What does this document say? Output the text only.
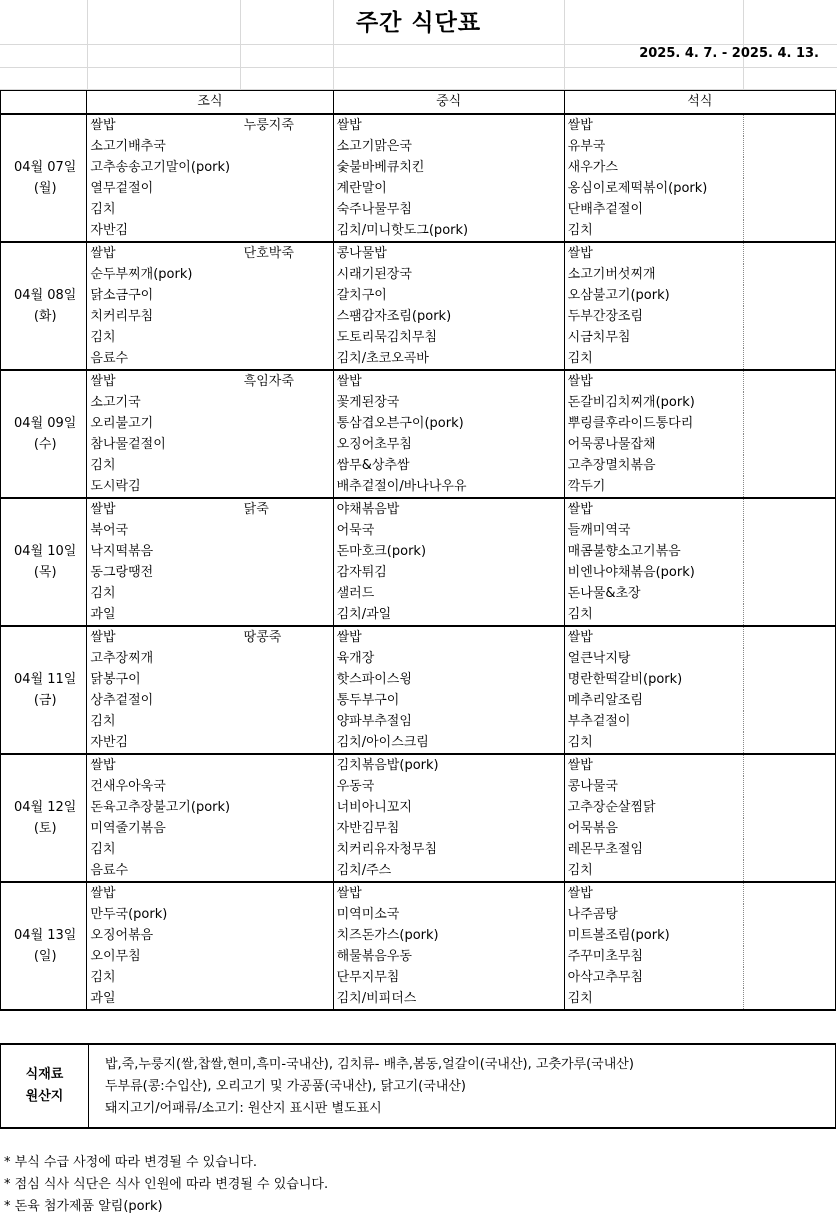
주간 식단표
2025. 4. 7. - 2025. 4. 13.
	조식		중식	석식	

04월 07일
(월)	쌀밥	누룽지죽	쌀밥	쌀밥	
	소고기배추국		소고기맑은국	유부국	
	고추송송고기말이(pork)		숯불바베큐치킨	새우가스	
	열무겉절이		계란말이	옹심이로제떡볶이(pork)	
	김치		숙주나물무침	단배추겉절이	
	자반김		김치/미니핫도그(pork)	김치	

04월 08일
(화)	쌀밥	단호박죽	콩나물밥	쌀밥	
	순두부찌개(pork)		시래기된장국	소고기버섯찌개	
	닭소금구이		갈치구이	오삼불고기(pork)	
	치커리무침		스팸감자조림(pork)	두부간장조림	
	김치		도토리묵김치무침	시금치무침	
	음료수		김치/초코오곡바	김치	

04월 09일
(수)	쌀밥	흑임자죽	쌀밥	쌀밥	
	소고기국		꽃게된장국	돈갈비김치찌개(pork)	
	오리불고기		통삼겹오븐구이(pork)	뿌링클후라이드통다리	
	참나물겉절이		오징어초무침	어묵콩나물잡채	
	김치		쌈무&상추쌈	고추장멸치볶음	
	도시락김		배추겉절이/바나나우유	깍두기	

04월 10일
(목)	쌀밥	닭죽	야채볶음밥	쌀밥	
	북어국		어묵국	들깨미역국	
	낙지떡볶음		돈마호크(pork)	매콤불향소고기볶음	
	동그랑땡전		감자튀김	비엔나야채볶음(pork)	
	김치		샐러드	돈나물&초장	
	과일		김치/과일	김치	

04월 11일
(금)	쌀밥	땅콩죽	쌀밥	쌀밥	
	고추장찌개		육개장	얼큰낙지탕	
	닭봉구이		핫스파이스윙	명란한떡갈비(pork)	
	상추겉절이		통두부구이	메추리알조림	
	김치		양파부추절임	부추겉절이	
	자반김		김치/아이스크림	김치	

04월 12일
(토)	쌀밥		김치볶음밥(pork)	쌀밥	
	건새우아욱국		우동국	콩나물국	
	돈육고추장불고기(pork)		너비아니꼬지	고추장순살찜닭	
	미역줄기볶음		자반김무침	어묵볶음	
	김치		치커리유자청무침	레몬무초절임	
	음료수		김치/주스	김치	

04월 13일
(일)	쌀밥		쌀밥	쌀밥	
	만두국(pork)		미역미소국	나주곰탕	
	오징어볶음		치즈돈가스(pork)	미트볼조림(pork)	
	오이무침		해물볶음우동	주꾸미초무침	
	김치		단무지무침	아삭고추무침	
	과일		김치/비피더스	김치	
식재료
원산지
밥,죽,누룽지(쌀,찹쌀,현미,흑미-국내산), 김치류- 배추,봄동,얼갈이(국내산), 고춧가루(국내산)
두부류(콩:수입산), 오리고기 및 가공품(국내산), 닭고기(국내산)
돼지고기/어패류/소고기: 원산지 표시판 별도표시
* 부식 수급 사정에 따라 변경될 수 있습니다.
* 점심 식사 식단은 식사 인원에 따라 변경될 수 있습니다.
* 돈육 첨가제품 알림(pork)
